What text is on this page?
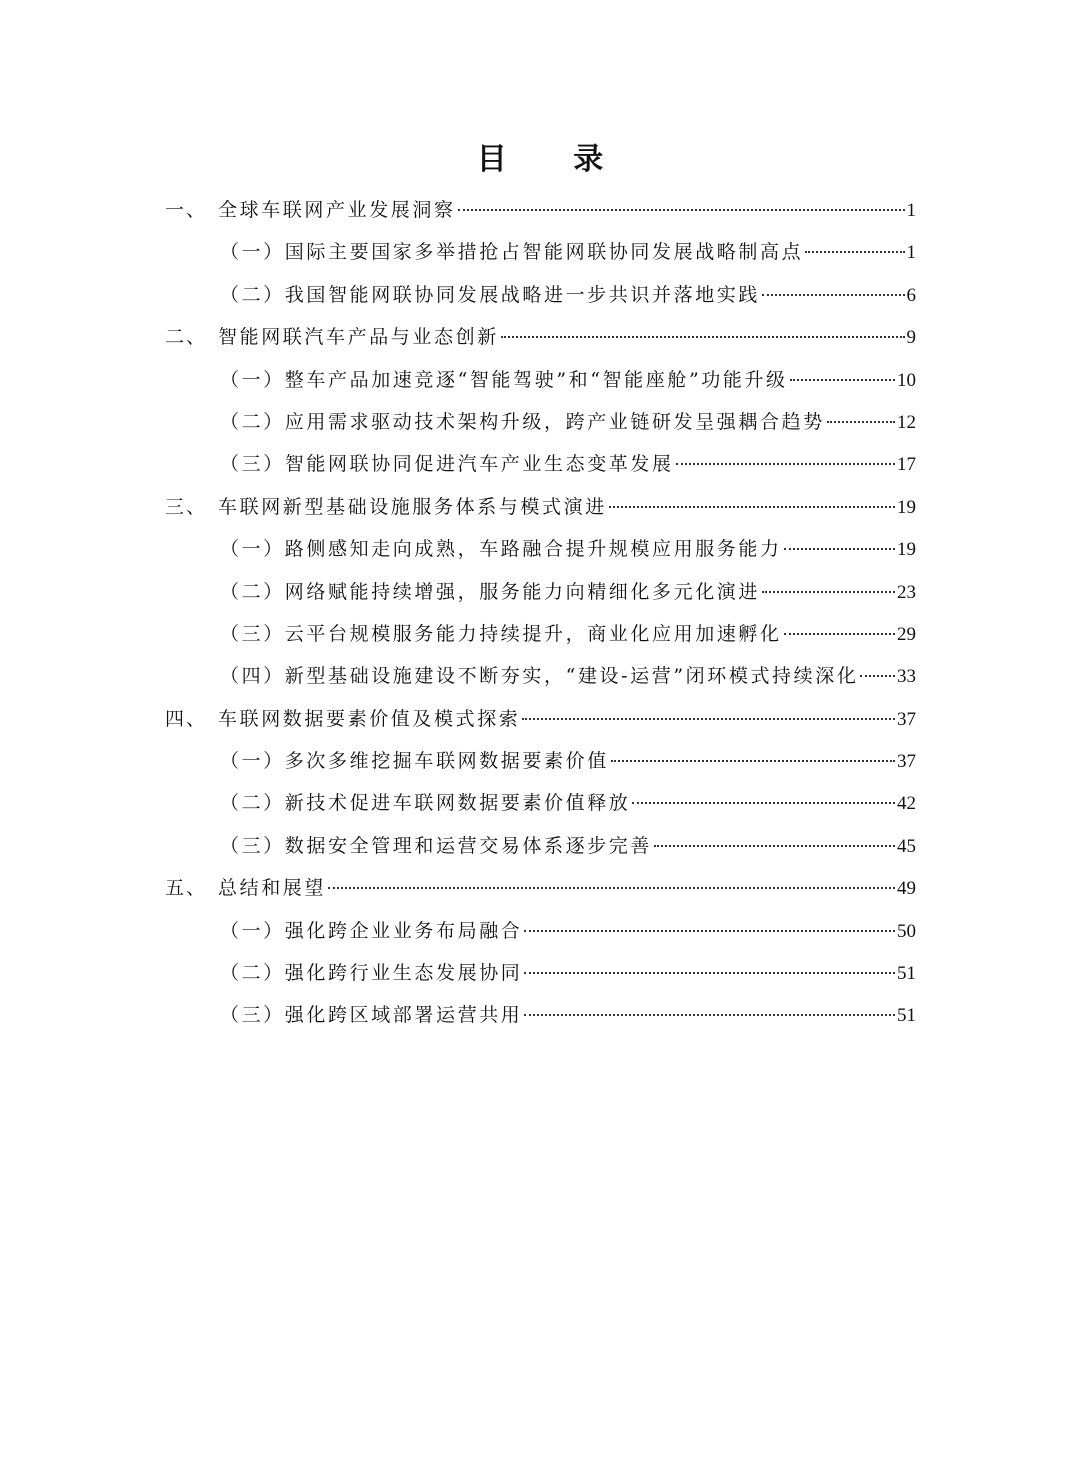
目 录
一、 全球车联网产业发展洞察	1
（一）国际主要国家多举措抢占智能网联协同发展战略制高点	1
（二）我国智能网联协同发展战略进一步共识并落地实践	6
二、 智能网联汽车产品与业态创新	9
（一）整车产品加速竞逐“智能驾驶”和“智能座舱”功能升级	10
（二）应用需求驱动技术架构升级，跨产业链研发呈强耦合趋势	12
（三）智能网联协同促进汽车产业生态变革发展	17
三、 车联网新型基础设施服务体系与模式演进	19
（一）路侧感知走向成熟，车路融合提升规模应用服务能力	19
（二）网络赋能持续增强，服务能力向精细化多元化演进	23
（三）云平台规模服务能力持续提升，商业化应用加速孵化	29
（四）新型基础设施建设不断夯实，“建设-运营”闭环模式持续深化 33
四、 车联网数据要素价值及模式探索	37
（一）多次多维挖掘车联网数据要素价值	37
（二）新技术促进车联网数据要素价值释放	42
（三）数据安全管理和运营交易体系逐步完善	45
五、 总结和展望	49
（一）强化跨企业业务布局融合	50
（二）强化跨行业生态发展协同	51
（三）强化跨区域部署运营共用	51
